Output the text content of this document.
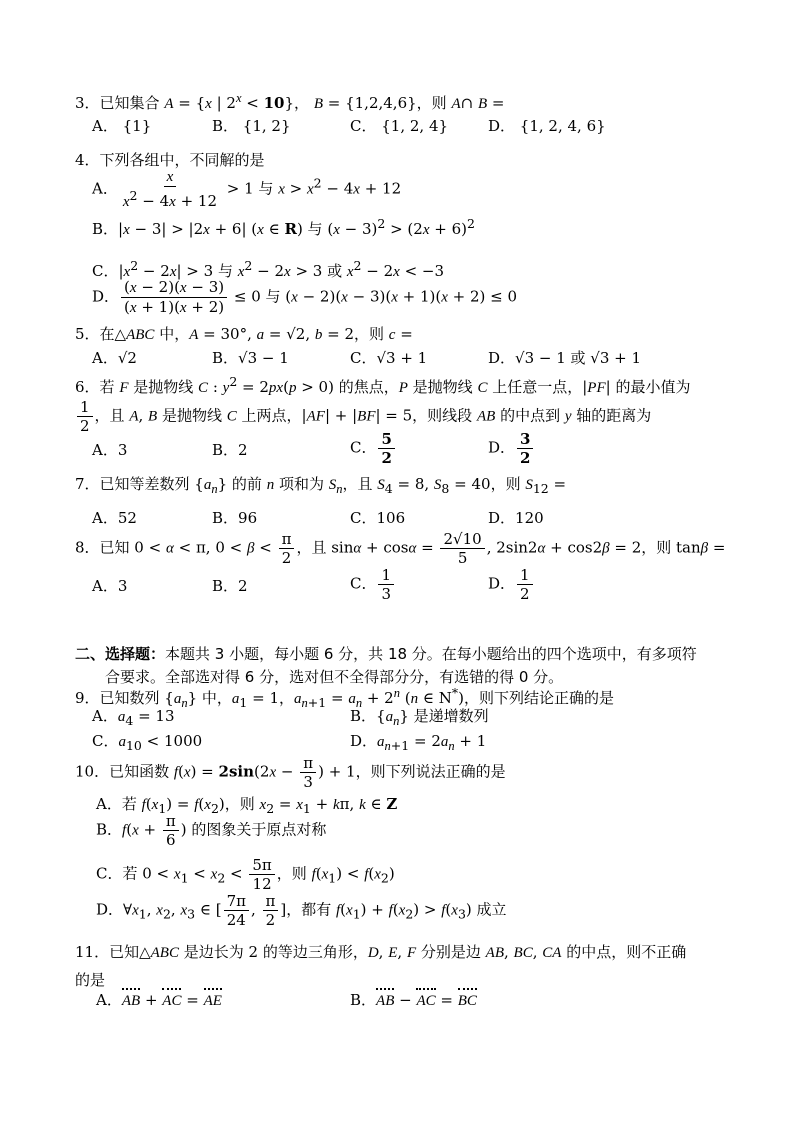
3．已知集合 A = {x | $2^x < 10$}， B = {1,2,4,6}，则 A∩ B =
A． {1}	B． {1, 2}	C． {1, 2, 4}	D． {1, 2, 4, 6}
4．下列各组中，不同解的是
A． $\frac{x}{x^2 - 4x + 12} > 1$ 与 $x > x^2 - 4x + 12$
B．|x − 3| > |2x + 6| (x ∈ R) 与 $(x - 3)^2 > (2x + 6)^2$
C．$|x^2 - 2x| > 3$ 与 $x^2 - 2x > 3$ 或 $x^2 - 2x < -3$
D． $\frac{(x - 2)(x - 3)}{(x + 1)(x + 2)} \le 0$ 与 (x − 2)(x − 3)(x + 1)(x + 2) ≤ 0
5．在△ABC 中，A = 30°, a = √2, b = 2，则 c =
A．√2	B．√3 − 1	C．√3 + 1	D．√3 − 1 或 √3 + 1
6．若 F 是抛物线 C : $y^2 = 2px(p > 0)$ 的焦点，P 是抛物线 C 上任意一点，|PF| 的最小值为
$\frac{1}{2}$ ，且 A, B 是抛物线 C 上两点，|AF| + |BF| = 5，则线段 AB 的中点到 y 轴的距离为
A．3	B．2	C． $\frac{5}{2}$	D． $\frac{3}{2}$
7．已知等差数列 $\{a_n\}$ 的前 n 项和为 $S_n$，且 $S_4 = 8$, $S_8 = 40$，则 $S_{12}$ =
A．52	B．96	C．106	D．120
8．已知 0 < α < π, $0 < \beta < \frac{\pi}{2}$ ，且 $\sin\alpha + \cos\alpha = \frac{2√10}{5}$ , 2sin2α + cos2β = 2，则 tanβ =
A．3	B．2	C． $\frac{1}{3}$	D． $\frac{1}{2}$
二、选择题：本题共 3 小题，每小题 6 分，共 18 分。在每小题给出的四个选项中，有多项符
合要求。全部选对得 6 分，选对但不全得部分分，有选错的得 0 分。
9．已知数列 $\{a_n\}$ 中，$a_1 = 1$，$a_{n+1} = a_n + 2^n$ (n ∈ N*)，则下列结论正确的是
A．$a_4 = 13$	B．$\{a_n\}$ 是递增数列
C．$a_{10} < 1000$	D．$a_{n+1} = 2a_n + 1$
10．已知函数 $f(x) = 2\sin(2x - \frac{\pi}{3}$ ) + 1，则下列说法正确的是
A．若 $f(x_1) = f(x_2)$，则 $x_2 = x_1 + k\pi$, k ∈ Z
B．$f(x + \frac{\pi}{6}$ ) 的图象关于原点对称
C．若 $0 < x_1 < x_2 < \frac{5\pi}{12}$ ，则 $f(x_1) < f(x_2)$
D．$\forall x_1$, $x_2$, $x_3$ ∈ [ $\frac{7\pi}{24}$ , $\frac{\pi}{2}$ ]，都有 $f(x_1) + f(x_2) > f(x_3)$ 成立
11．已知△ABC 是边长为 2 的等边三角形，D, E, F 分别是边 AB, BC, CA 的中点，则不正确
的是
A．AB + AC = AE	B．AB − AC = BC
